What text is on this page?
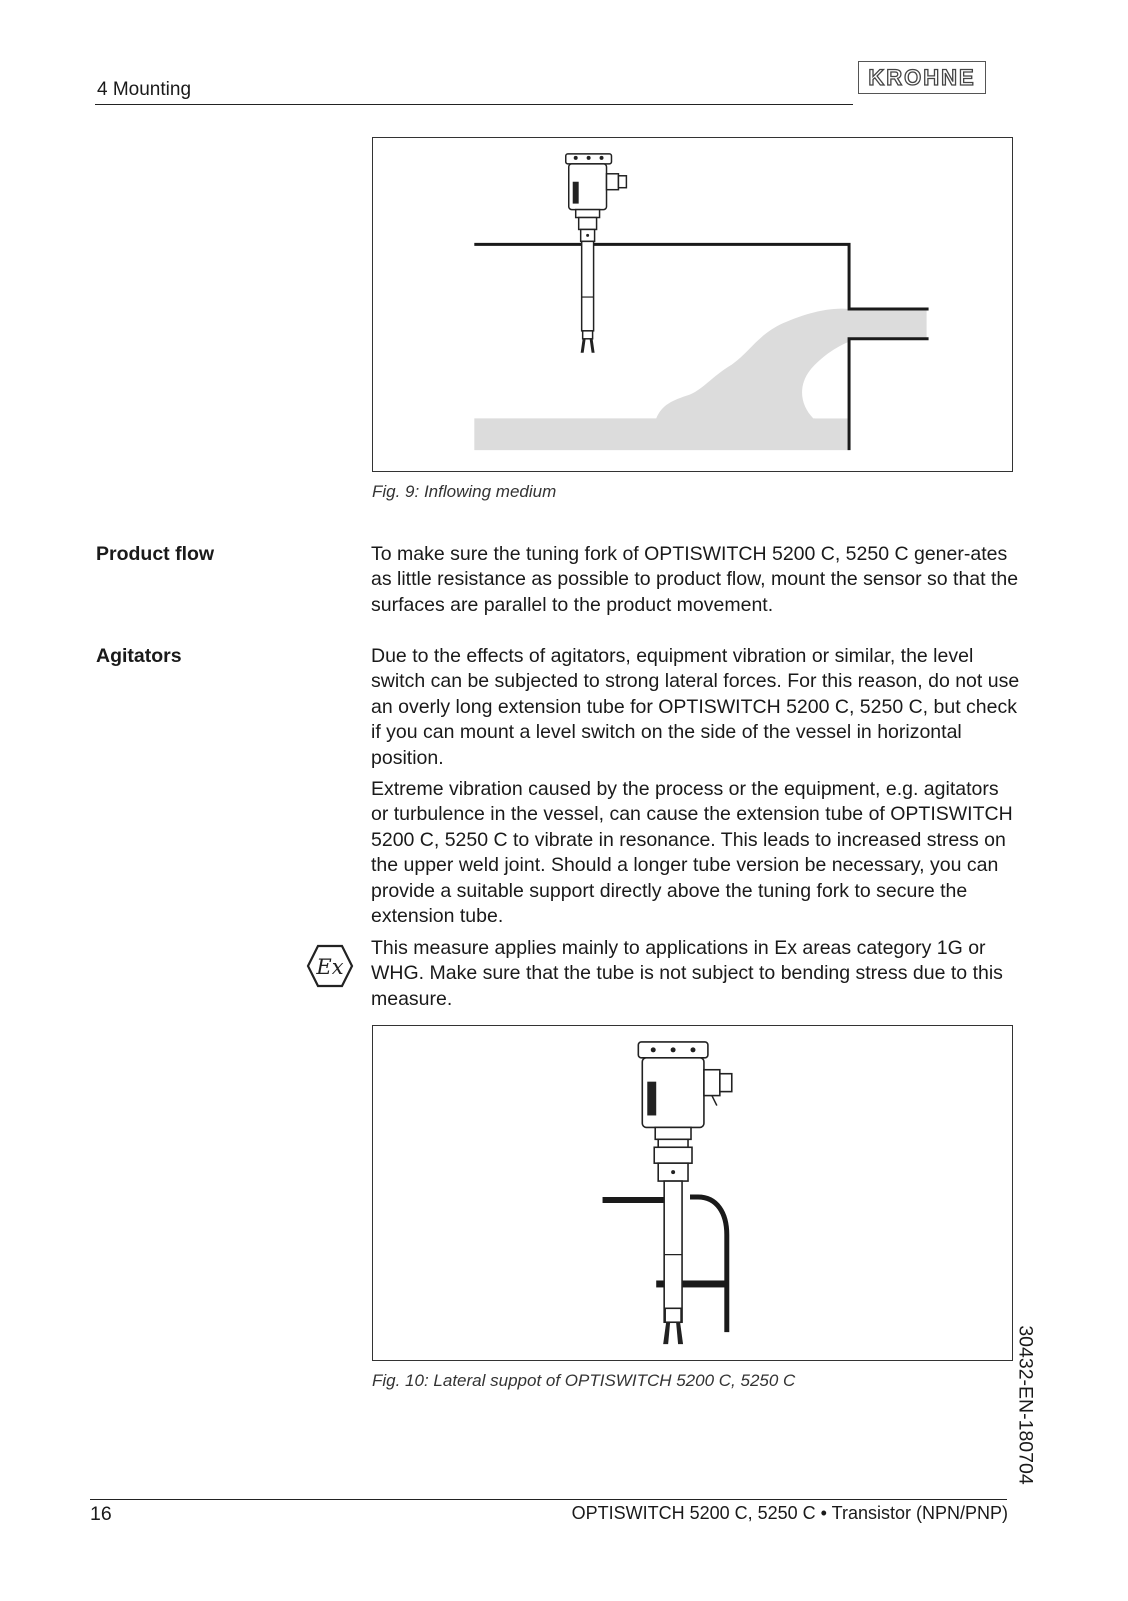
4 Mounting	KROHNE
Fig. 9: Inflowing medium
Product flow	To make sure the tuning fork of OPTISWITCH 5200 C, 5250 C gener-ates as little resistance as possible to product flow, mount the sensor so that the surfaces are parallel to the product movement.

Agitators	Due to the effects of agitators, equipment vibration or similar, the level switch can be subjected to strong lateral forces. For this reason, do not use an overly long extension tube for OPTISWITCH 5200 C, 5250 C, but check if you can mount a level switch on the side of the vessel in horizontal position.

Extreme vibration caused by the process or the equipment, e.g. agitators or turbulence in the vessel, can cause the extension tube of OPTISWITCH 5200 C, 5250 C to vibrate in resonance. This leads to increased stress on the upper weld joint. Should a longer tube version be necessary, you can provide a suitable support directly above the tuning fork to secure the extension tube.

This measure applies mainly to applications in Ex areas category 1G or WHG. Make sure that the tube is not subject to bending stress due to this measure.

Ex
Fig. 10: Lateral suppot of OPTISWITCH 5200 C, 5250 C	30432-EN-180704
16	OPTISWITCH 5200 C, 5250 C • Transistor (NPN/PNP)
